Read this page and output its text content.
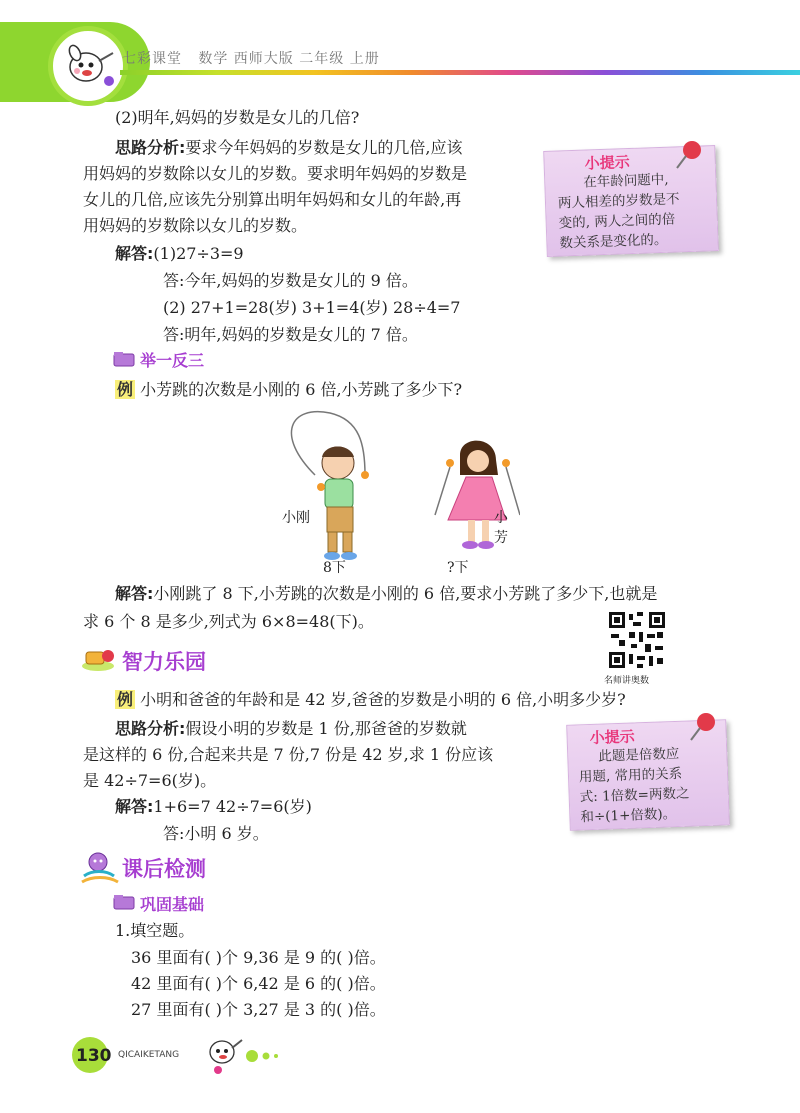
七彩课堂 数学 西师大版 二年级 上册
(2)明年,妈妈的岁数是女儿的几倍?
思路分析:要求今年妈妈的岁数是女儿的几倍,应该
用妈妈的岁数除以女儿的岁数。要求明年妈妈的岁数是
女儿的几倍,应该先分别算出明年妈妈和女儿的年龄,再
用妈妈的岁数除以女儿的岁数。
解答:(1)27÷3=9
答:今年,妈妈的岁数是女儿的 9 倍。
(2) 27+1=28(岁) 3+1=4(岁) 28÷4=7
答:明年,妈妈的岁数是女儿的 7 倍。
小提示
在年龄问题中,
两人相差的岁数是不
变的, 两人之间的倍
数关系是变化的。
举一反三
例 小芳跳的次数是小刚的 6 倍,小芳跳了多少下?
小刚	小芳
8下	?下
解答:小刚跳了 8 下,小芳跳的次数是小刚的 6 倍,要求小芳跳了多少下,也就是
求 6 个 8 是多少,列式为 6×8=48(下)。
名师讲奥数
智力乐园
例 小明和爸爸的年龄和是 42 岁,爸爸的岁数是小明的 6 倍,小明多少岁?
思路分析:假设小明的岁数是 1 份,那爸爸的岁数就
是这样的 6 份,合起来共是 7 份,7 份是 42 岁,求 1 份应该
是 42÷7=6(岁)。
解答:1+6=7 42÷7=6(岁)
答:小明 6 岁。
小提示
此题是倍数应
用题, 常用的关系
式: 1倍数=两数之
和÷(1+倍数)。
课后检测
巩固基础
1.填空题。
36 里面有( )个 9,36 是 9 的( )倍。
42 里面有( )个 6,42 是 6 的( )倍。
27 里面有( )个 3,27 是 3 的( )倍。
130 QICAIKETANG
